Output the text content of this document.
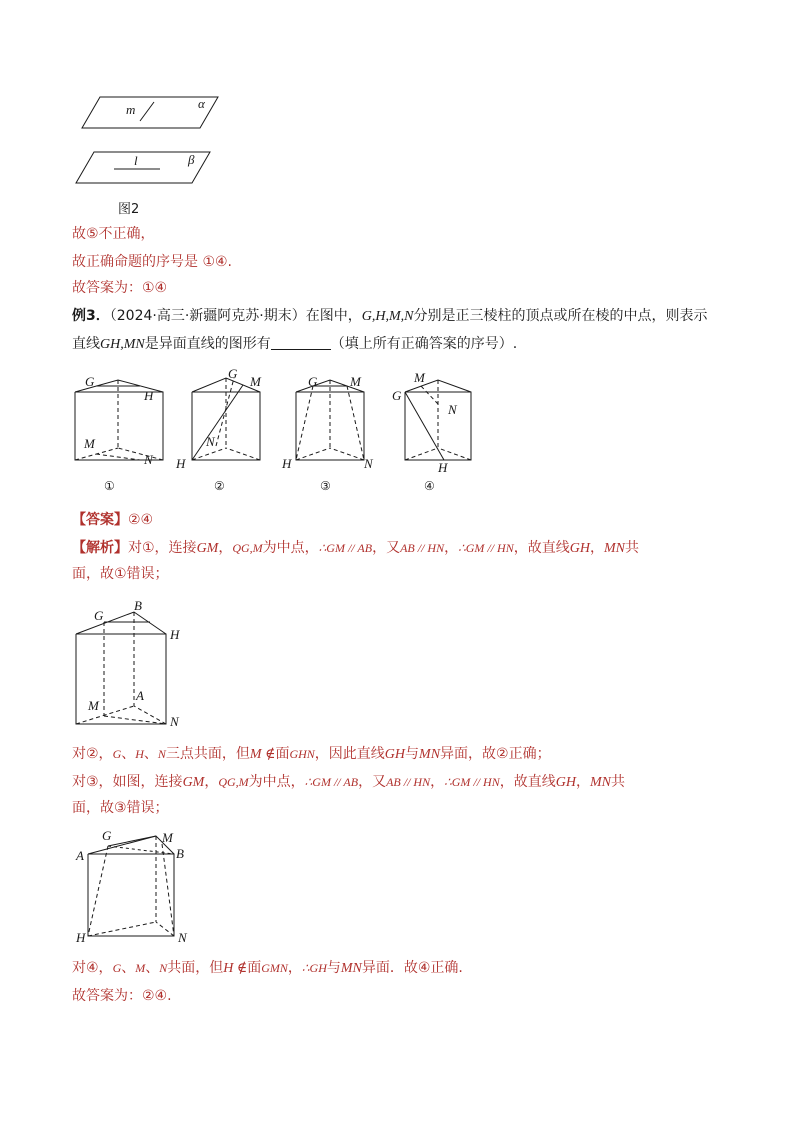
m	α
l	β
图2
故⑤不正确，
故正确命题的序号是 ①④.
故答案为：①④
例3．（2024·高三·新疆阿克苏·期末）在图中，G,H,M,N分别是正三棱柱的顶点或所在棱的中点，则表示
直线GH,MN是异面直线的图形有	（填上所有正确答案的序号）.
G
H
M
N
①
G
M
N
H
②
G	M
H	N
③
M
G
N
H
④
【答案】②④
【解析】对①，连接GM，QG,M为中点，∴GM // AB，又AB // HN，∴GM // HN，故直线GH，MN共
面，故①错误；
G
B
H
M
A
N
对②，G、H、N三点共面，但M ∉面GHN，因此直线GH与MN异面，故②正确；
对③，如图，连接GM，QG,M为中点，∴GM // AB，又AB // HN，∴GM // HN，故直线GH，MN共
面，故③错误；
G	M
A	B
H	N
对④，G、M、N共面，但H ∉面GMN，∴GH与MN异面．故④正确.
故答案为：②④.
